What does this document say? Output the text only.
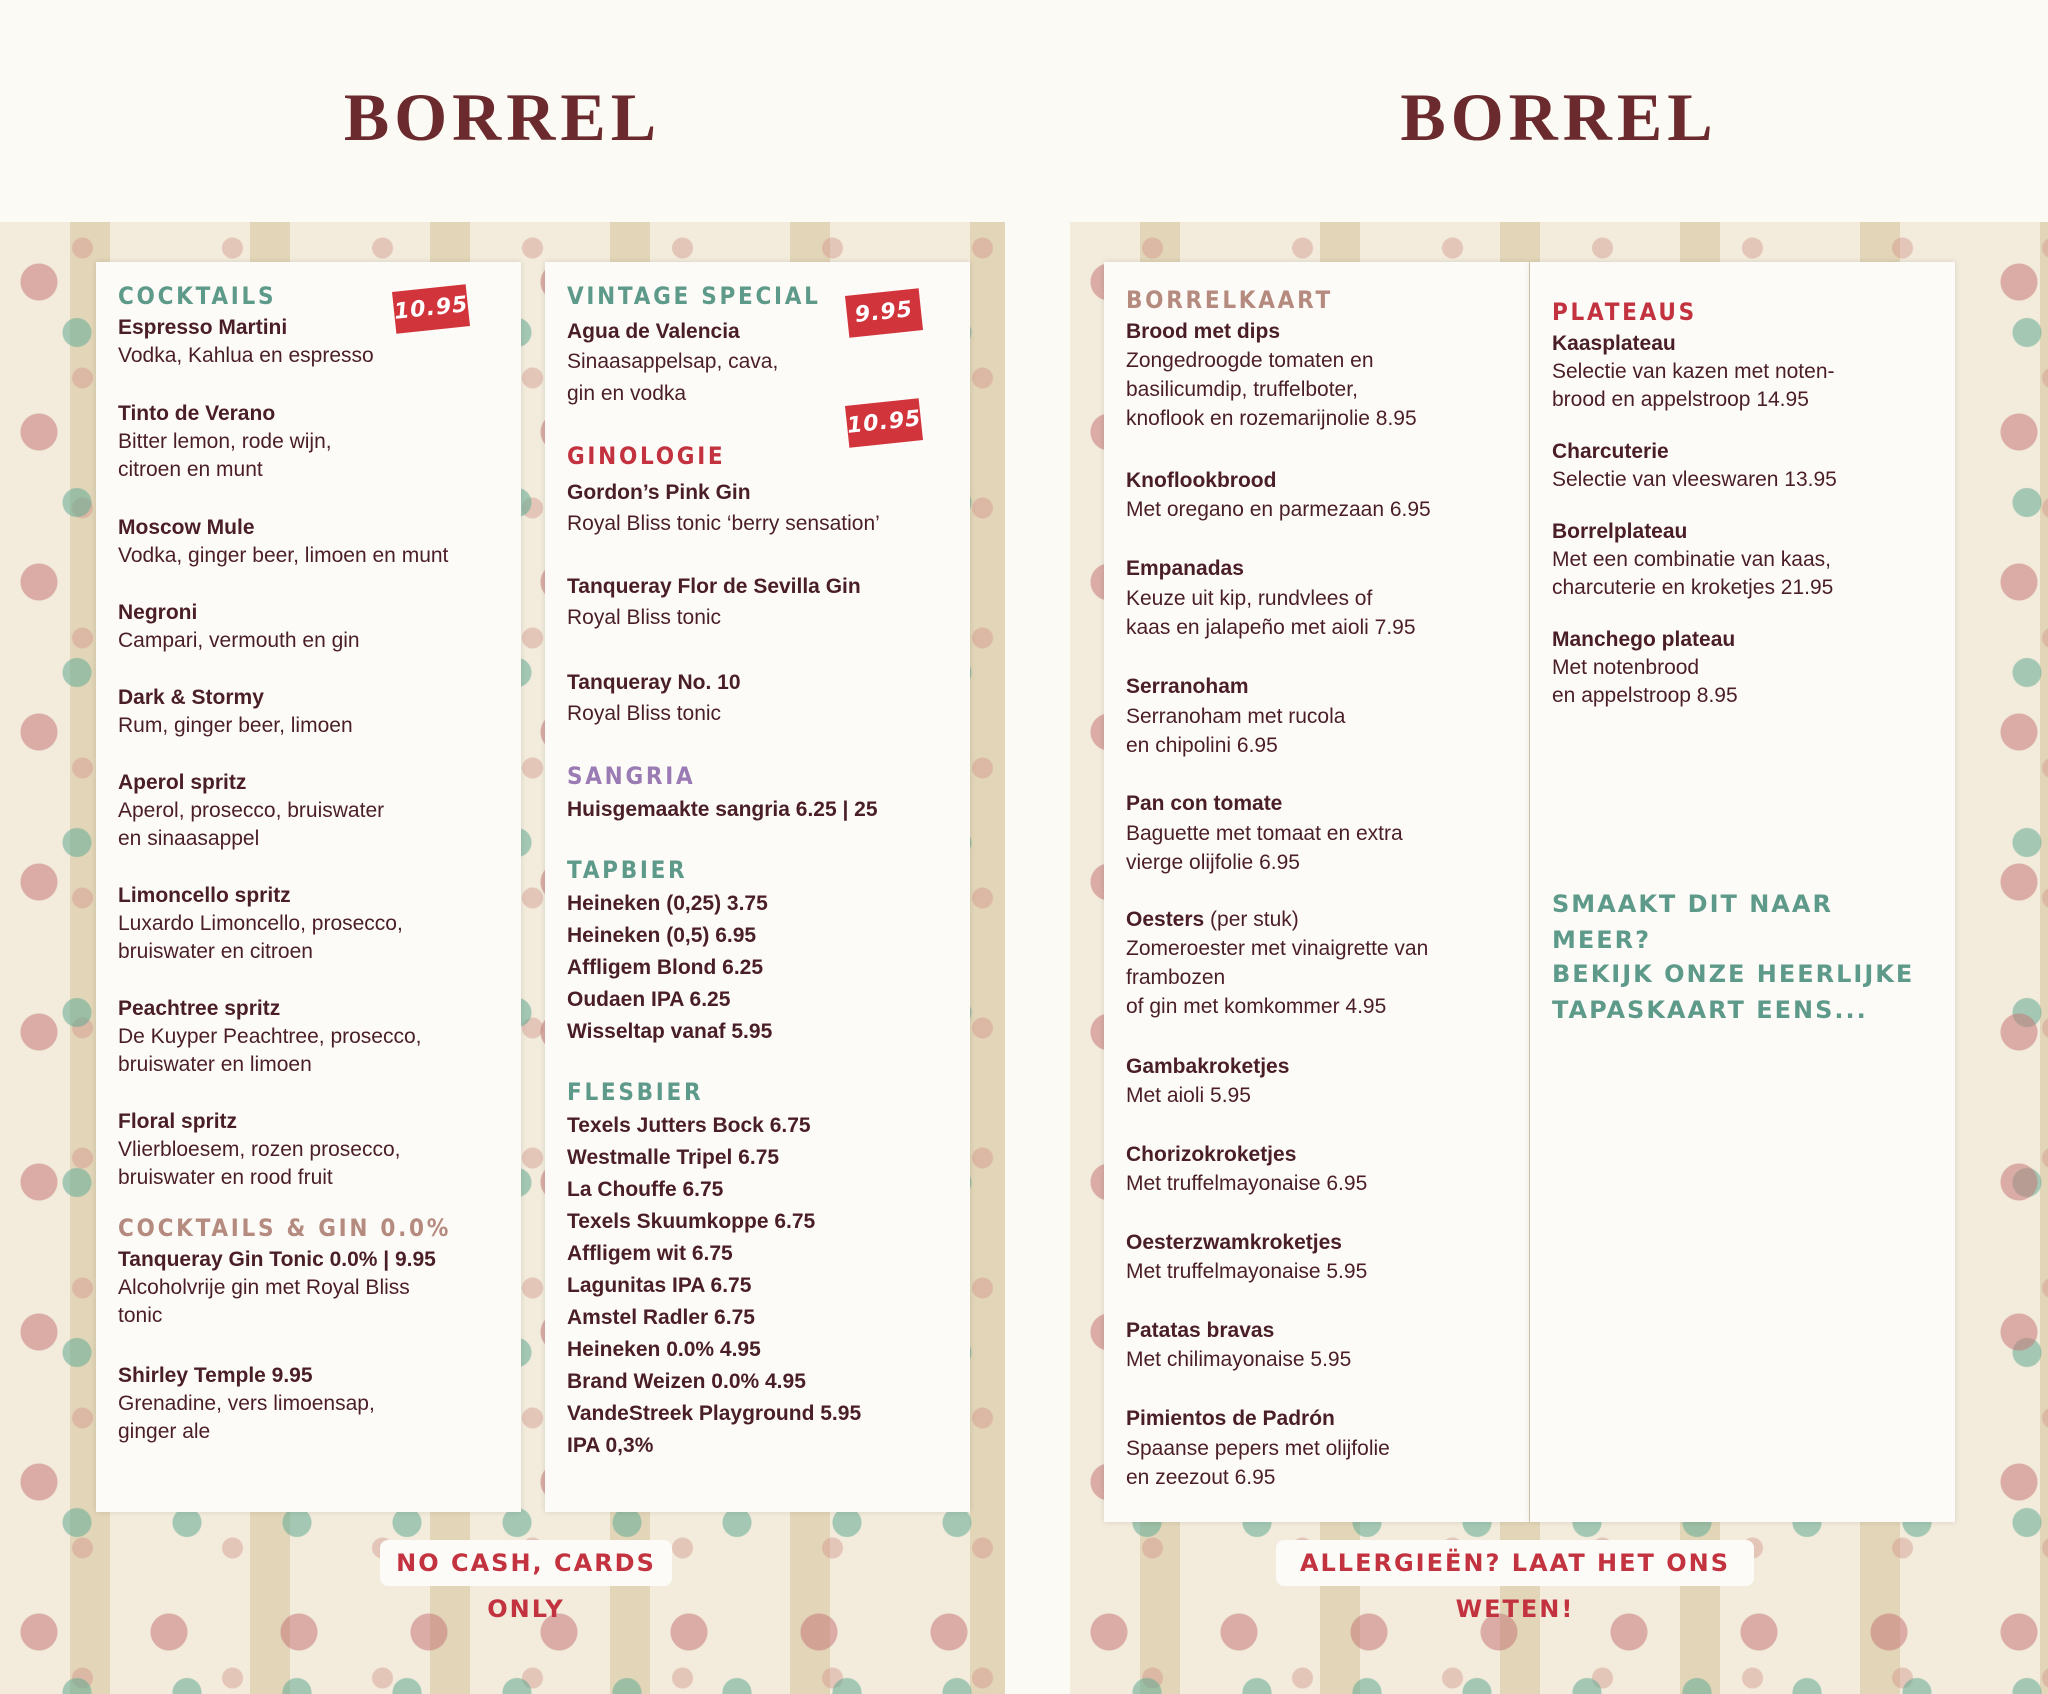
BORREL
COCKTAILS	10.95
Espresso Martini
Vodka, Kahlua en espresso
Tinto de Verano
Bitter lemon, rode wijn,
citroen en munt
Moscow Mule
Vodka, ginger beer, limoen en munt
Negroni
Campari, vermouth en gin
Dark & Stormy
Rum, ginger beer, limoen
Aperol spritz
Aperol, prosecco, bruiswater
en sinaasappel
Limoncello spritz
Luxardo Limoncello, prosecco,
bruiswater en citroen
Peachtree spritz
De Kuyper Peachtree, prosecco,
bruiswater en limoen
Floral spritz
Vlierbloesem, rozen prosecco,
bruiswater en rood fruit
COCKTAILS & GIN 0.0%
Tanqueray Gin Tonic 0.0% | 9.95
Alcoholvrije gin met Royal Bliss
tonic
Shirley Temple 9.95
Grenadine, vers limoensap,
ginger ale
VINTAGE SPECIAL
9.95
Agua de Valencia
Sinaasappelsap, cava,
gin en vodka
10.95
GINOLOGIE
Gordon’s Pink Gin
Royal Bliss tonic ‘berry sensation’
Tanqueray Flor de Sevilla Gin
Royal Bliss tonic
Tanqueray No. 10
Royal Bliss tonic
SANGRIA
Huisgemaakte sangria 6.25 | 25
TAPBIER
Heineken (0,25) 3.75
Heineken (0,5) 6.95
Affligem Blond 6.25
Oudaen IPA 6.25
Wisseltap vanaf 5.95
FLESBIER
Texels Jutters Bock 6.75
Westmalle Tripel 6.75
La Chouffe 6.75
Texels Skuumkoppe 6.75
Affligem wit 6.75
Lagunitas IPA 6.75
Amstel Radler 6.75
Heineken 0.0% 4.95
Brand Weizen 0.0% 4.95
VandeStreek Playground 5.95
IPA 0,3%
NO CASH, CARDS ONLY
BORREL
BORRELKAART
Brood met dips
Zongedroogde tomaten en
basilicumdip, truffelboter,
knoflook en rozemarijnolie 8.95
Knoflookbrood
Met oregano en parmezaan 6.95
Empanadas
Keuze uit kip, rundvlees of
kaas en jalapeño met aioli 7.95
Serranoham
Serranoham met rucola
en chipolini 6.95
Pan con tomate
Baguette met tomaat en extra
vierge olijfolie 6.95
Oesters (per stuk)
Zomeroester met vinaigrette van
frambozen
of gin met komkommer 4.95
Gambakroketjes
Met aioli 5.95
Chorizokroketjes
Met truffelmayonaise 6.95
Oesterzwamkroketjes
Met truffelmayonaise 5.95
Patatas bravas
Met chilimayonaise 5.95
Pimientos de Padrón
Spaanse pepers met olijfolie
en zeezout 6.95
PLATEAUS
Kaasplateau
Selectie van kazen met noten-
brood en appelstroop 14.95
Charcuterie
Selectie van vleeswaren 13.95
Borrelplateau
Met een combinatie van kaas,
charcuterie en kroketjes 21.95
Manchego plateau
Met notenbrood
en appelstroop 8.95
SMAAKT DIT NAAR MEER?
BEKIJK ONZE HEERLIJKE
TAPASKAART EENS...
ALLERGIEËN? LAAT HET ONS WETEN!
